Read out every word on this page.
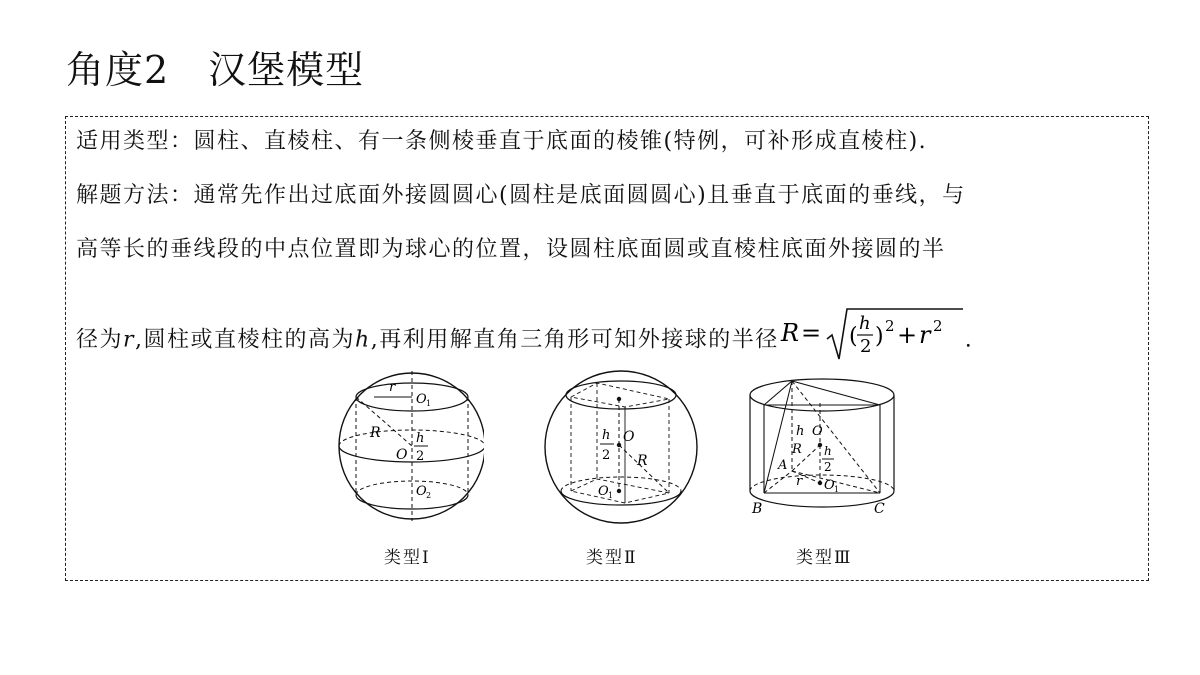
角度2　汉堡模型
适用类型：圆柱、直棱柱、有一条侧棱垂直于底面的棱锥(特例，可补形成直棱柱).
解题方法：通常先作出过底面外接圆圆心(圆柱是底面圆圆心)且垂直于底面的垂线，与
高等长的垂线段的中点位置即为球心的位置，设圆柱底面圆或直棱柱底面外接圆的半
径为r,圆柱或直棱柱的高为h,再利用解直角三角形可知外接球的半径 R = (
h
2 ) 2 + r 2
.
r
O 1
R
O
h
2
O 2
类型Ⅰ
h
2
O
R
O 1
类型Ⅱ
h O
R h
2
A
r O 1
B	C
类型Ⅲ
